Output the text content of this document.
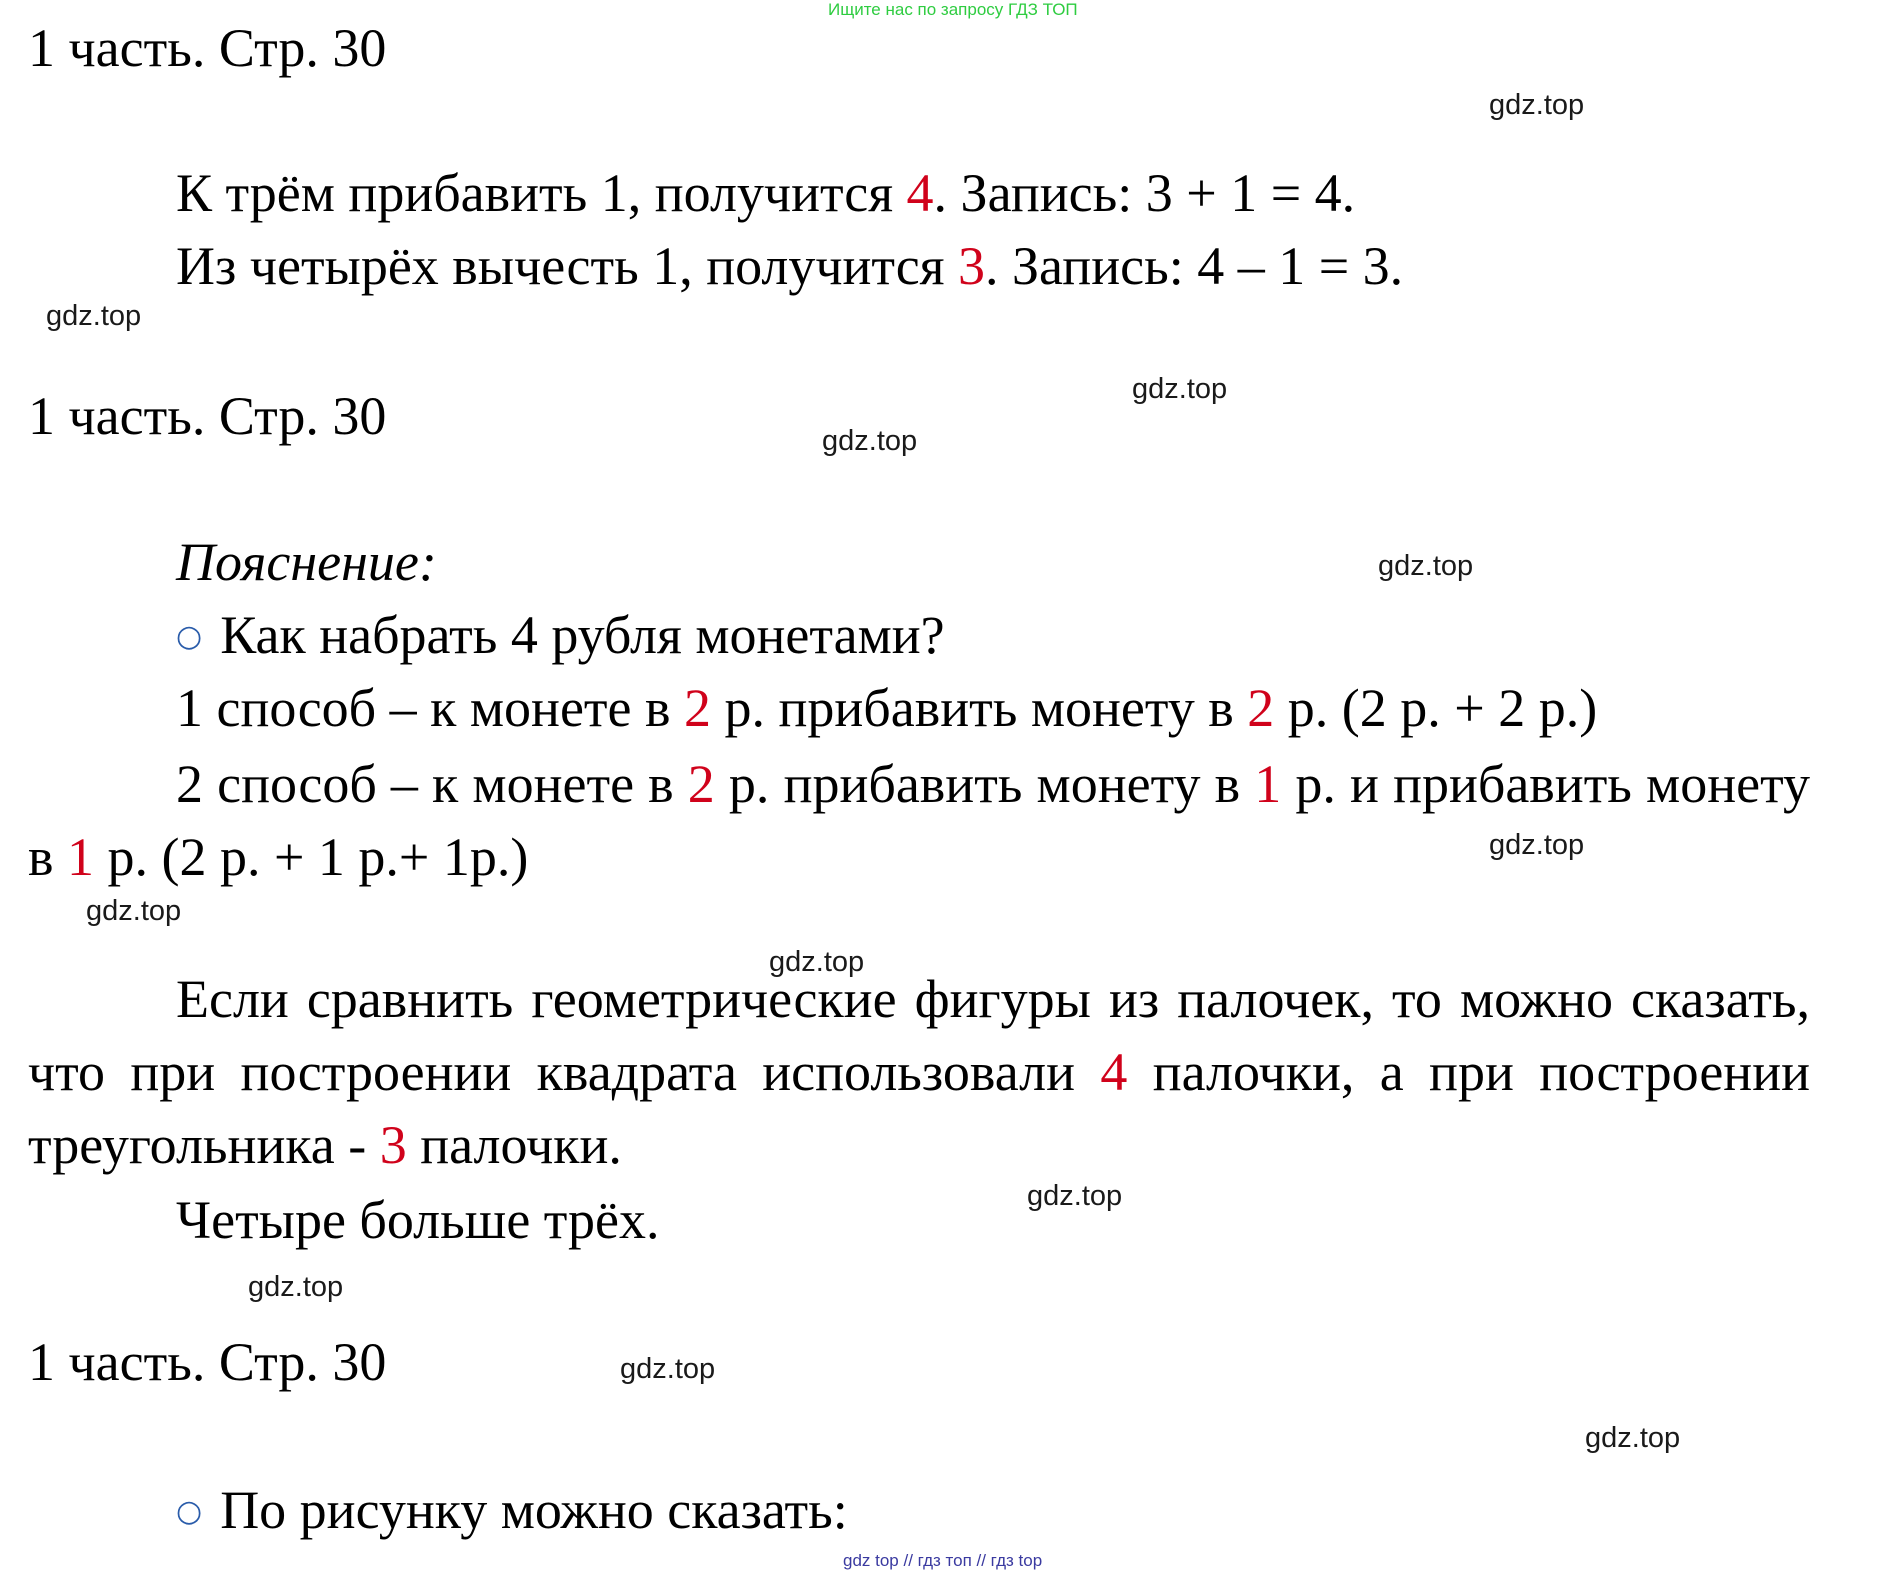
Ищите нас по запросу ГДЗ ТОП
1 часть. Стр. 30
К трём прибавить 1, получится 4. Запись: 3 + 1 = 4.
Из четырёх вычесть 1, получится 3. Запись: 4 – 1 = 3.
1 часть. Стр. 30
Пояснение:
○ Как набрать 4 рубля монетами?
1 способ – к монете в 2 р. прибавить монету в 2 р. (2 р. + 2 р.)
2 способ – к монете в 2 р. прибавить монету в 1 р. и прибавить монету в 1 р. (2 р. + 1 р.+ 1р.)
Если сравнить геометрические фигуры из палочек, то можно сказать, что при построении квадрата использовали 4 палочки, а при построении треугольника - 3 палочки.
Четыре больше трёх.
1 часть. Стр. 30
○ По рисунку можно сказать:
gdz.top
gdz.top
gdz.top
gdz.top
gdz.top
gdz.top
gdz.top
gdz.top
gdz.top
gdz.top
gdz.top
gdz.top
gdz top // гдз топ // гдз top
